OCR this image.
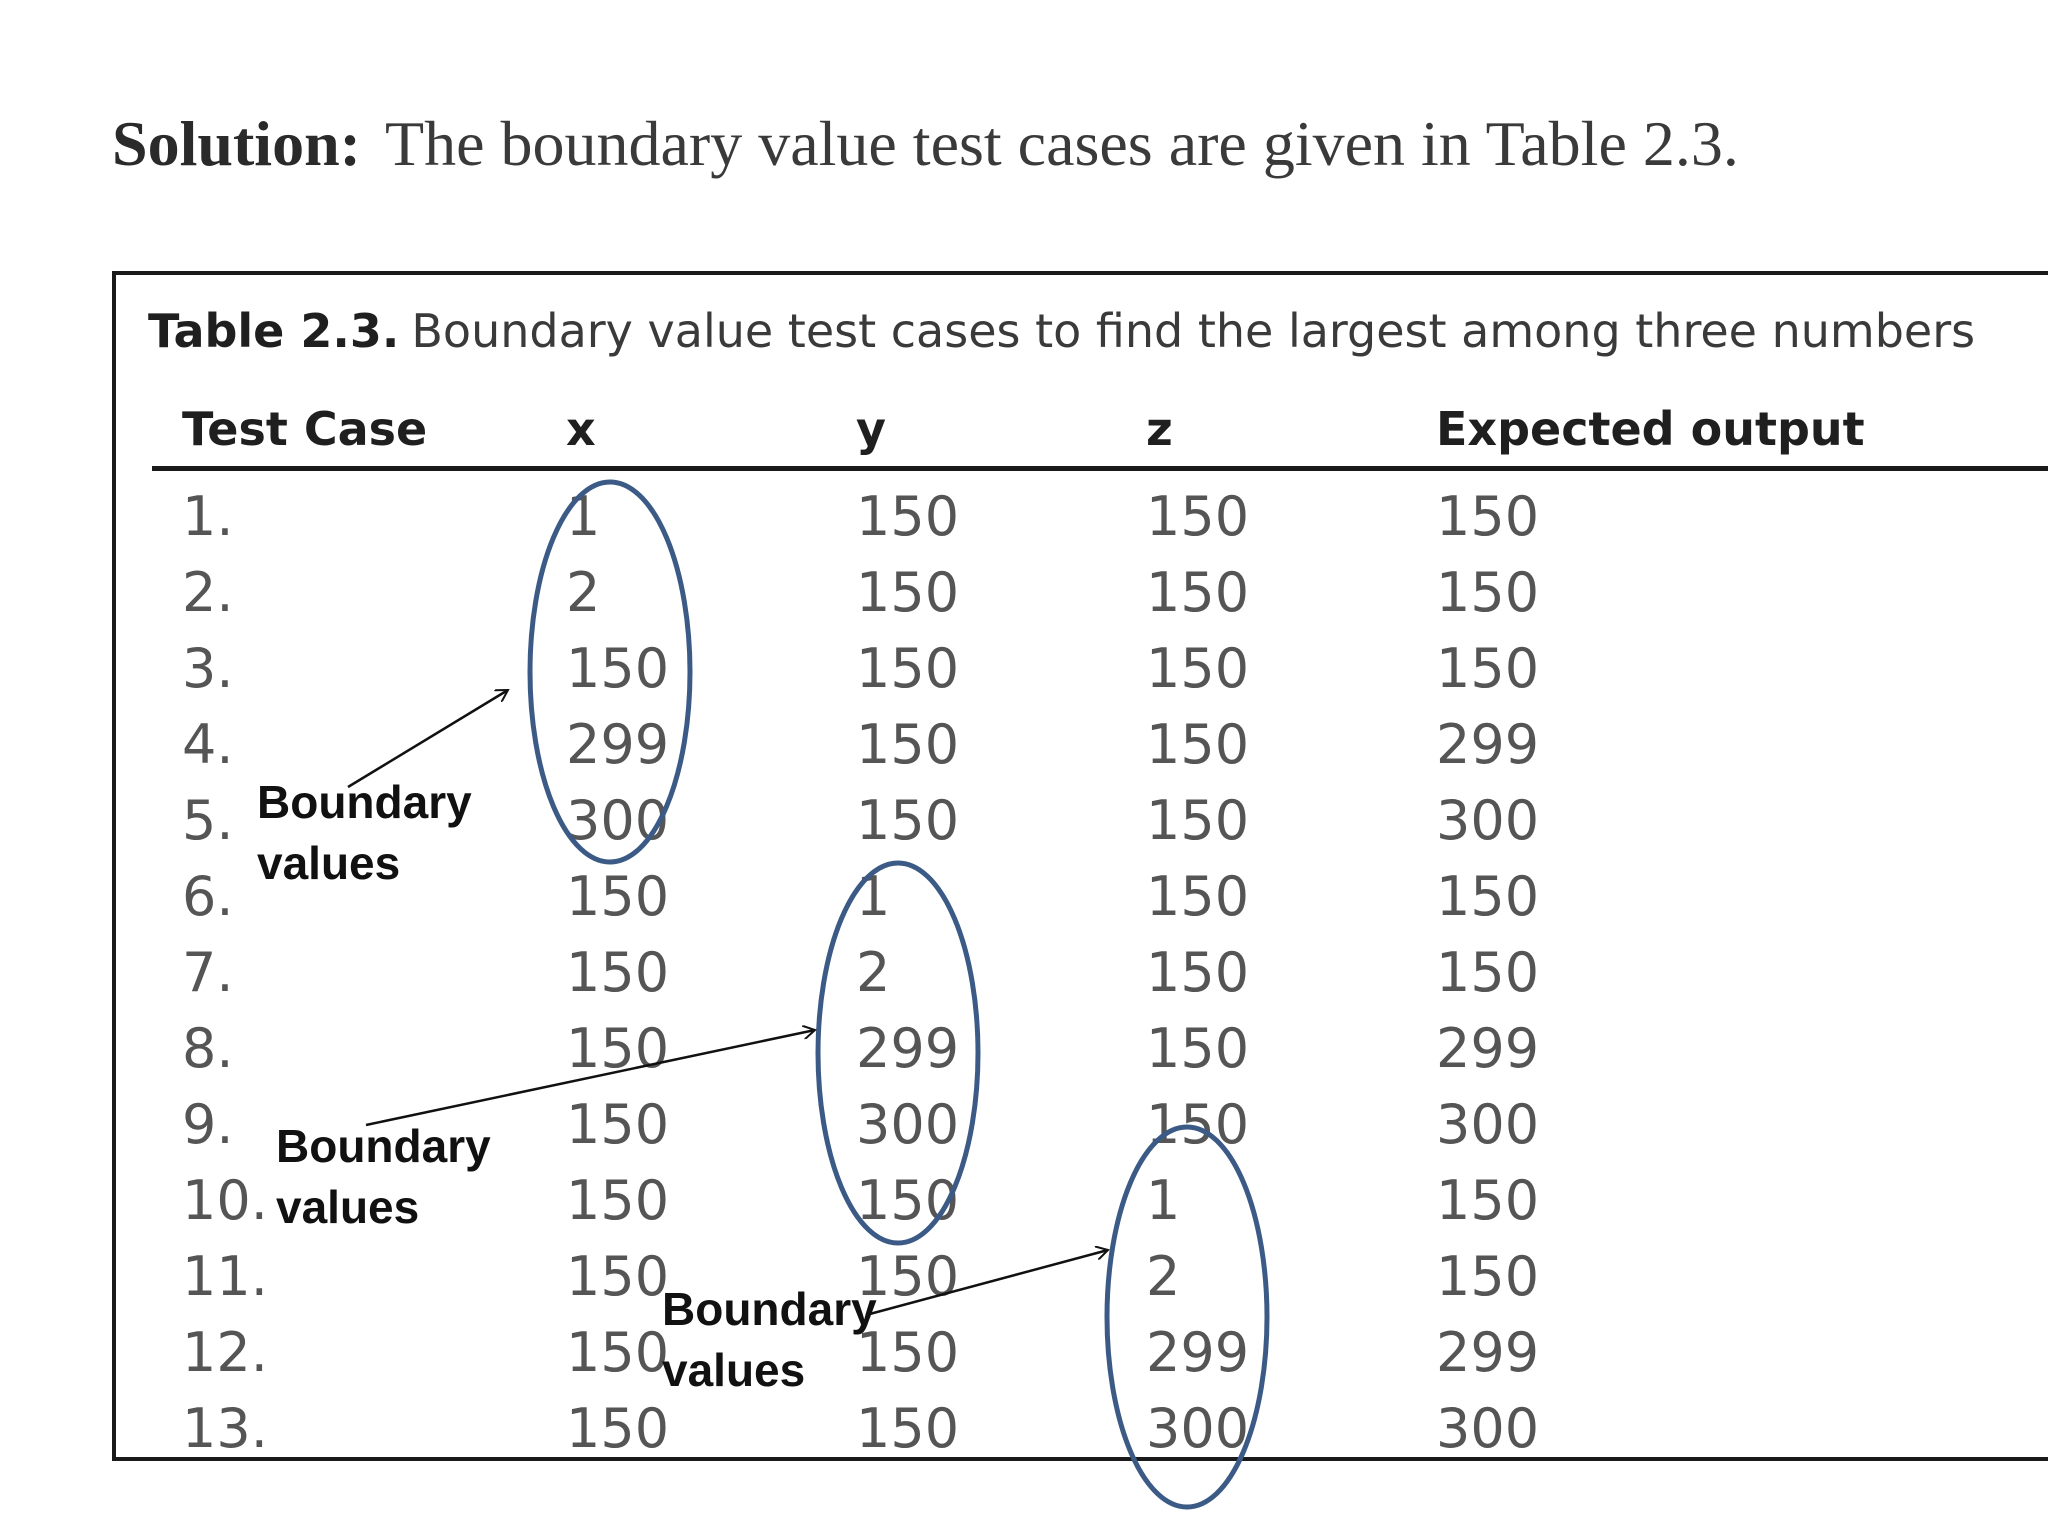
Solution: The boundary value test cases are given in Table 2.3.
Table 2.3. Boundary value test cases to find the largest among three numbers
Test Case	x	y	z	Expected output
1.	1	150	150	150
2.	2	150	150	150
3.	150	150	150	150
4.	299	150	150	299
5.	300	150	150	300
6.	150	1	150	150
7.	150	2	150	150
8.	150	299	150	299
9.	150	300	150	300
10.	150	150	1	150
11.	150	150	2	150
12.	150	150	299	299
13.	150	150	300	300
Boundary
values
Boundary
values
Boundary
values
